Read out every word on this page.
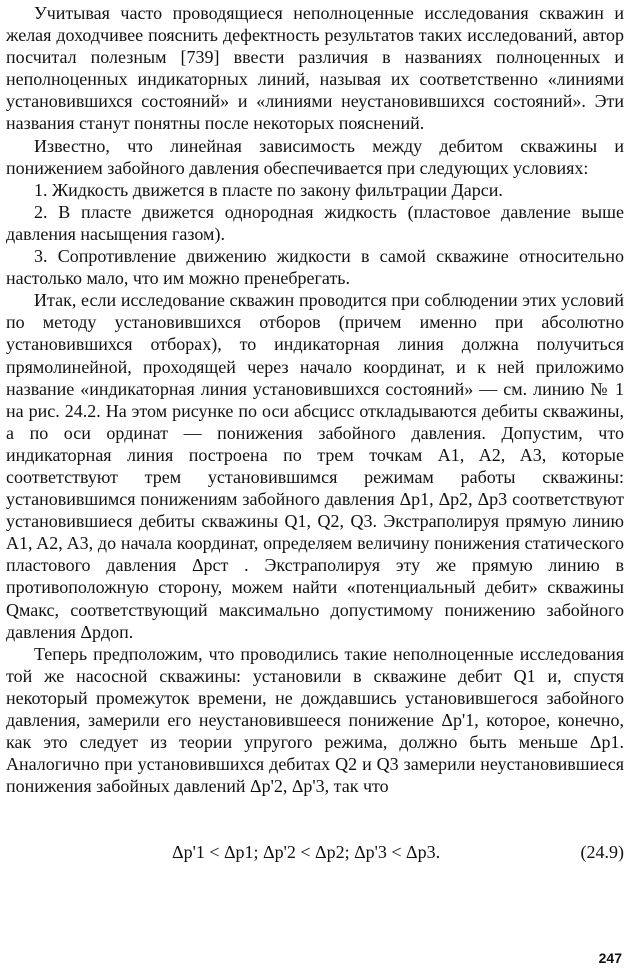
Учитывая часто проводящиеся неполноценные исследования скважин и желая доходчивее пояснить дефектность результатов таких исследований, автор посчитал полезным [739] ввести различия в названиях полноценных и неполноценных индикаторных линий, называя их соответственно «линиями установившихся состояний» и «линиями неустановившихся состояний». Эти названия станут понятны после некоторых пояснений.

Известно, что линейная зависимость между дебитом скважины и понижением забойного давления обеспечивается при следующих условиях:

1. Жидкость движется в пласте по закону фильтрации Дарси.

2. В пласте движется однородная жидкость (пластовое давление выше давления насыщения газом).

3. Сопротивление движению жидкости в самой скважине относительно настолько мало, что им можно пренебрегать.

Итак, если исследование скважин проводится при соблюдении этих условий по методу установившихся отборов (причем именно при абсолютно установившихся отборах), то индикаторная линия должна получиться прямолинейной, проходящей через начало координат, и к ней приложимо название «индикаторная линия установившихся состояний» — см. линию № 1 на рис. 24.2. На этом рисунке по оси абсцисс откладываются дебиты скважины, а по оси ординат — понижения забойного давления. Допустим, что индикаторная линия построена по трем точкам A1, A2, A3, которые соответствуют трем установившимся режимам работы скважины: установившимся понижениям забойного давления Δp1, Δp2, Δp3 соответствуют установившиеся дебиты скважины Q1, Q2, Q3. Экстраполируя прямую линию A1, A2, A3, до начала координат, определяем величину понижения статического пластового давления Δpст . Экстраполируя эту же прямую линию в противоположную сторону, можем найти «потенциальный дебит» скважины Qмакс, соответствующий максимально допустимому понижению забойного давления Δpдоп.

Теперь предположим, что проводились такие неполноценные исследования той же насосной скважины: установили в скважине дебит Q1 и, спустя некоторый промежуток времени, не дождавшись установившегося забойного давления, замерили его неустановившееся понижение Δp'1, которое, конечно, как это следует из теории упругого режима, должно быть меньше Δp1. Аналогично при установившихся дебитах Q2 и Q3 замерили неустановившиеся понижения забойных давлений Δp'2, Δp'3, так что

Δp'1 < Δp1; Δp'2 < Δp2; Δp'3 < Δp3.	(24.9)
247
